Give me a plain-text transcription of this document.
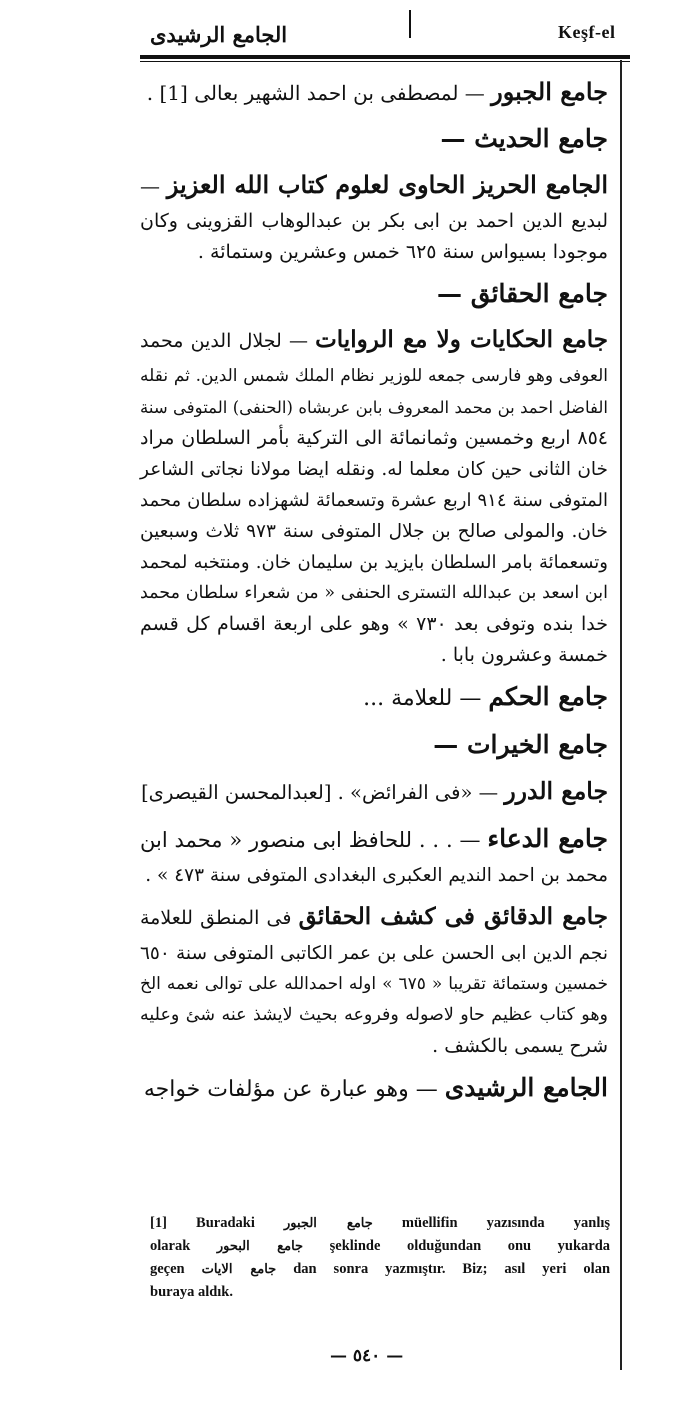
الجامع الرشيدى	Keşf-el
جامع الجبور — لمصطفى بن احمد الشهير بعالى [1] .
جامع الحديث —
الجامع الحريز الحاوى لعلوم كتاب الله العزيز —
لبديع الدين احمد بن ابى بكر بن عبدالوهاب القزوينى وكان
موجودا بسيواس سنة ٦٢٥ خمس وعشرين وستمائة .
جامع الحقائق —
جامع الحكايات ولا مع الروايات — لجلال الدين محمد
العوفى وهو فارسى جمعه للوزير نظام الملك شمس الدين. ثم نقله
الفاضل احمد بن محمد المعروف بابن عربشاه (الحنفى) المتوفى سنة
٨٥٤ اربع وخمسين وثمانمائة الى التركية بأمر السلطان مراد
خان الثانى حين كان معلما له. ونقله ايضا مولانا نجاتى الشاعر
المتوفى سنة ٩١٤ اربع عشرة وتسعمائة لشهزاده سلطان محمد
خان. والمولى صالح بن جلال المتوفى سنة ٩٧٣ ثلاث وسبعين
وتسعمائة بامر السلطان بايزيد بن سليمان خان. ومنتخبه لمحمد
ابن اسعد بن عبدالله التسترى الحنفى « من شعراء سلطان محمد
خدا بنده وتوفى بعد ٧٣٠ » وهو على اربعة اقسام كل قسم
خمسة وعشرون بابا .
جامع الحكم — للعلامة ...
جامع الخيرات —
جامع الدرر — «فى الفرائض» . [لعبدالمحسن القيصرى]
جامع الدعاء — . . . للحافظ ابى منصور « محمد ابن
محمد بن احمد النديم العكبرى البغدادى المتوفى سنة ٤٧٣ » .
جامع الدقائق فى كشف الحقائق فى المنطق للعلامة
نجم الدين ابى الحسن على بن عمر الكاتبى المتوفى سنة ٦٥٠
خمسين وستمائة تقريبا « ٦٧٥ » اوله احمدالله على توالى نعمه الخ
وهو كتاب عظيم حاو لاصوله وفروعه بحيث لايشذ عنه شئ وعليه
شرح يسمى بالكشف .
الجامع الرشيدى — وهو عبارة عن مؤلفات خواجه
[1] Buradaki جامع الجبور müellifin yazısında yanlış
olarak جامع البحور şeklinde olduğundan onu yukarda
geçen جامع الايات dan sonra yazmıştır. Biz; asıl yeri olan
buraya aldık.
— ٥٤٠ —
